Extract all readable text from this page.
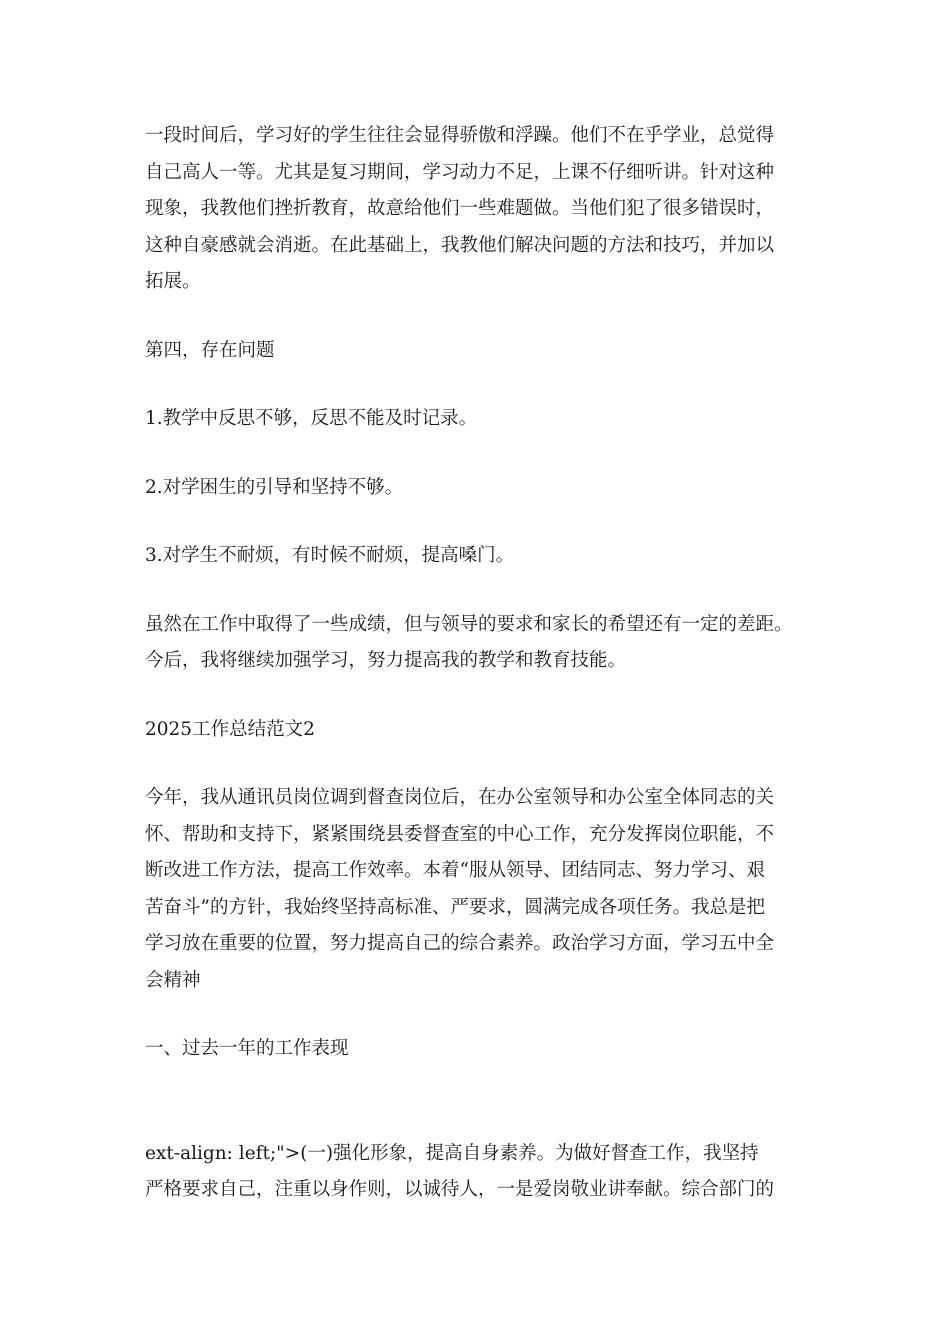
一段时间后，学习好的学生往往会显得骄傲和浮躁。他们不在乎学业，总觉得
自己高人一等。尤其是复习期间，学习动力不足，上课不仔细听讲。针对这种
现象，我教他们挫折教育，故意给他们一些难题做。当他们犯了很多错误时，
这种自豪感就会消逝。在此基础上，我教他们解决问题的方法和技巧，并加以
拓展。

第四，存在问题

1.教学中反思不够，反思不能及时记录。

2.对学困生的引导和坚持不够。

3.对学生不耐烦，有时候不耐烦，提高嗓门。

虽然在工作中取得了一些成绩，但与领导的要求和家长的希望还有一定的差距。
今后，我将继续加强学习，努力提高我的教学和教育技能。

2025工作总结范文2

今年，我从通讯员岗位调到督查岗位后，在办公室领导和办公室全体同志的关
怀、帮助和支持下，紧紧围绕县委督查室的中心工作，充分发挥岗位职能，不
断改进工作方法，提高工作效率。本着“服从领导、团结同志、努力学习、艰
苦奋斗”的方针，我始终坚持高标准、严要求，圆满完成各项任务。我总是把
学习放在重要的位置，努力提高自己的综合素养。政治学习方面，学习五中全
会精神

一、过去一年的工作表现

ext-align: left;">(一)强化形象，提高自身素养。为做好督查工作，我坚持
严格要求自己，注重以身作则，以诚待人，一是爱岗敬业讲奉献。综合部门的
